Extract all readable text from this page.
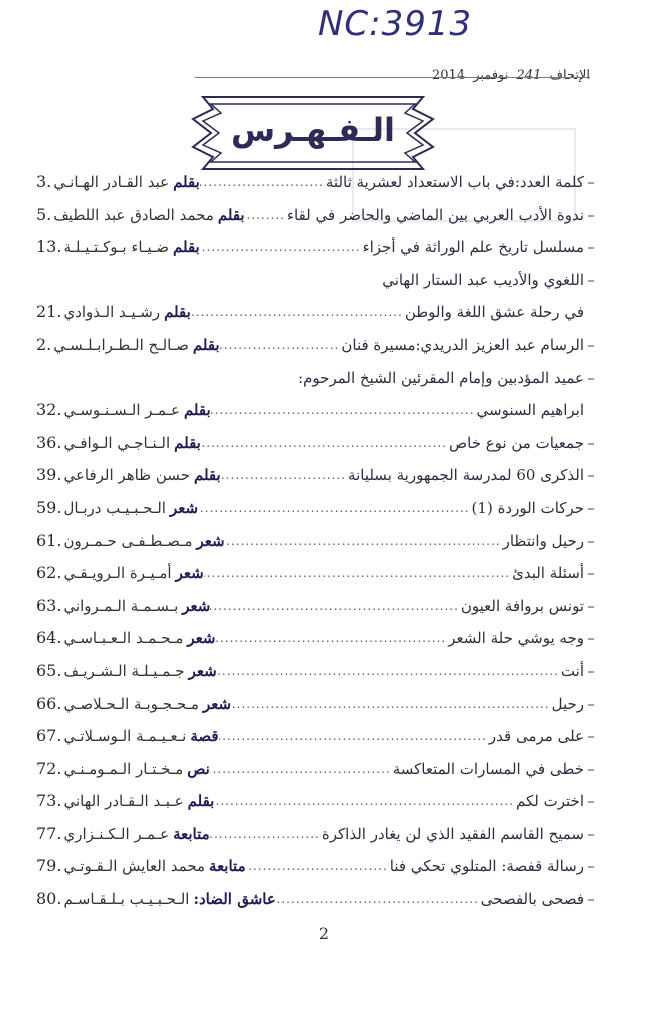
NC:3913
الإتحاف 241 نوفمبر 2014
الـفـهـرس
–
كلمة العدد:في باب الاستعداد لعشرية ثالثة
.....
بقلم
عبد القـادر الهـانـي
3.
–
ندوة الأدب العربي بين الماضي والحاضر في لقاء
.....
بقلم
محمد الصادق عبد اللطيف
5.
–
مسلسل تاريخ علم الوراثة في أجزاء
.....
بقلم
ضـيـاء بـوكـتـيـلـة
13.
–
اللغوي والأديب عبد الستار الهاني
في رحلة عشق اللغة والوطن
.....
بقلم
رشـيـد الـذوادي
21.
–
الرسام عبد العزيز الدريدي:مسيرة فنان
.....
بقلم
صـالـح الـطـرابـلـسـي
2.
–
عميد المؤدبين وإمام المقرئين الشيخ المرحوم:
ابراهيم السنوسي
.....
بقلم
عـمـر الـسـنـوسـي
32.
–
جمعيات من نوع خاص
.....
بقلم
الـنـاجـي الـوافـي
36.
–
الذكرى 60 لمدرسة الجمهورية بسليانة
.....
بقلم
حسن ظاهر الرفاعي
39.
–
حركات الوردة (1)
.....
شعر
الـحـبـيـب دربـال
59.
–
رحيل وانتظار
.....
شعر
مـصـطـفـى حـمـرون
61.
–
أسئلة البدئ
.....
شعر
أمـيـرة الـرويـقـي
62.
–
تونس بروافة العيون
.....
شعر
بـسـمـة الـمـرواني
63.
–
وجه يوشي حلة الشعر
.....
شعر
مـحـمـد الـعـبـاسـي
64.
–
أنت
.....
شعر
جـمـيـلـة الـشـريـف
65.
–
رحيل
.....
شعر
مـحـجـوبـة الـحـلاصـي
66.
–
على مرمى قدر
.....
قصة
نـعـيـمـة الـوسـلاتـي
67.
–
خطى في المسارات المتعاكسة
.....
نص
مـخـتـار الـمـومـنـي
72.
–
اخترت لكم
.....
بقلم
عـبـد الـقـادر الهاني
73.
–
سميح القاسم الفقيد الذي لن يغادر الذاكرة
.....
متابعة
عـمـر الـكـنـزاري
77.
–
رسالة قفصة: المتلوي تحكي فنا
.....
متابعة
محمد العايش الـقـوتـي
79.
–
فصحى بالفصحى
.....
عاشق الضاد:
الـحـبـيـب بـلـقـاسـم
80.
2
